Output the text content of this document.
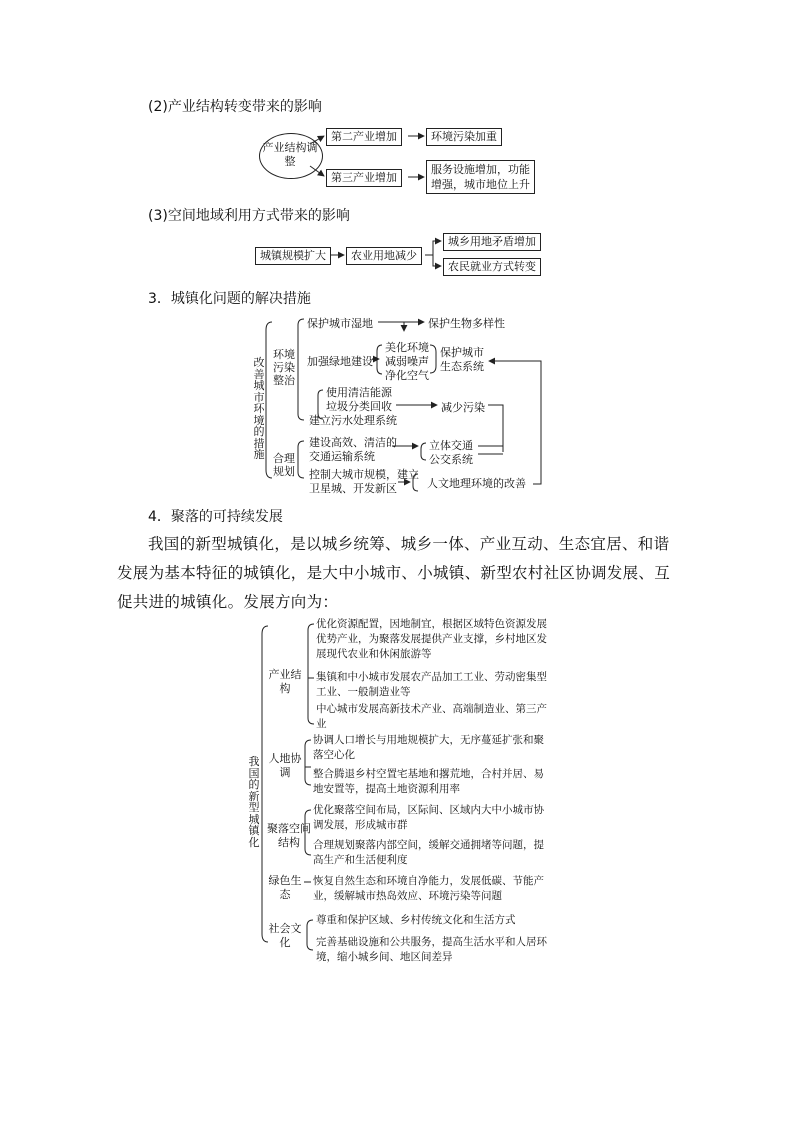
(2)产业结构转变带来的影响
产业结构调整
第二产业增加	环境污染加重
第三产业增加
服务设施增加，功能
增强，城市地位上升
(3)空间地域利用方式带来的影响
城镇规模扩大	农业用地减少
城乡用地矛盾增加
农民就业方式转变
3．城镇化问题的解决措施
改善城市环境的措施
环境污染整治
合理规划
保护城市湿地	保护生物多样性
加强绿地建设
美化环境
减弱噪声
净化空气
保护城市
生态系统
使用清洁能源
垃圾分类回收
建立污水处理系统
减少污染
建设高效、清洁的
交通运输系统
立体交通
公交系统
控制大城市规模，建立
卫星城、开发新区	人文地理环境的改善
4．聚落的可持续发展
我国的新型城镇化，是以城乡统筹、城乡一体、产业互动、生态宜居、和谐发展为基本特征的城镇化，是大中小城市、小城镇、新型农村社区协调发展、互促共进的城镇化。发展方向为：
我国的新型城镇化
产业结构
优化资源配置，因地制宜，根据区域特色资源发展优势产业，为聚落发展提供产业支撑，乡村地区发展现代农业和休闲旅游等
集镇和中小城市发展农产品加工工业、劳动密集型工业、一般制造业等
中心城市发展高新技术产业、高端制造业、第三产业
人地协调
协调人口增长与用地规模扩大，无序蔓延扩张和聚落空心化
整合腾退乡村空置宅基地和撂荒地，合村并居、易地安置等，提高土地资源利用率
聚落空间结构
优化聚落空间布局，区际间、区域内大中小城市协调发展，形成城市群
合理规划聚落内部空间，缓解交通拥堵等问题，提高生产和生活便利度
绿色生态
恢复自然生态和环境自净能力，发展低碳、节能产业，缓解城市热岛效应、环境污染等问题
社会文化
尊重和保护区域、乡村传统文化和生活方式
完善基础设施和公共服务，提高生活水平和人居环境，缩小城乡间、地区间差异
